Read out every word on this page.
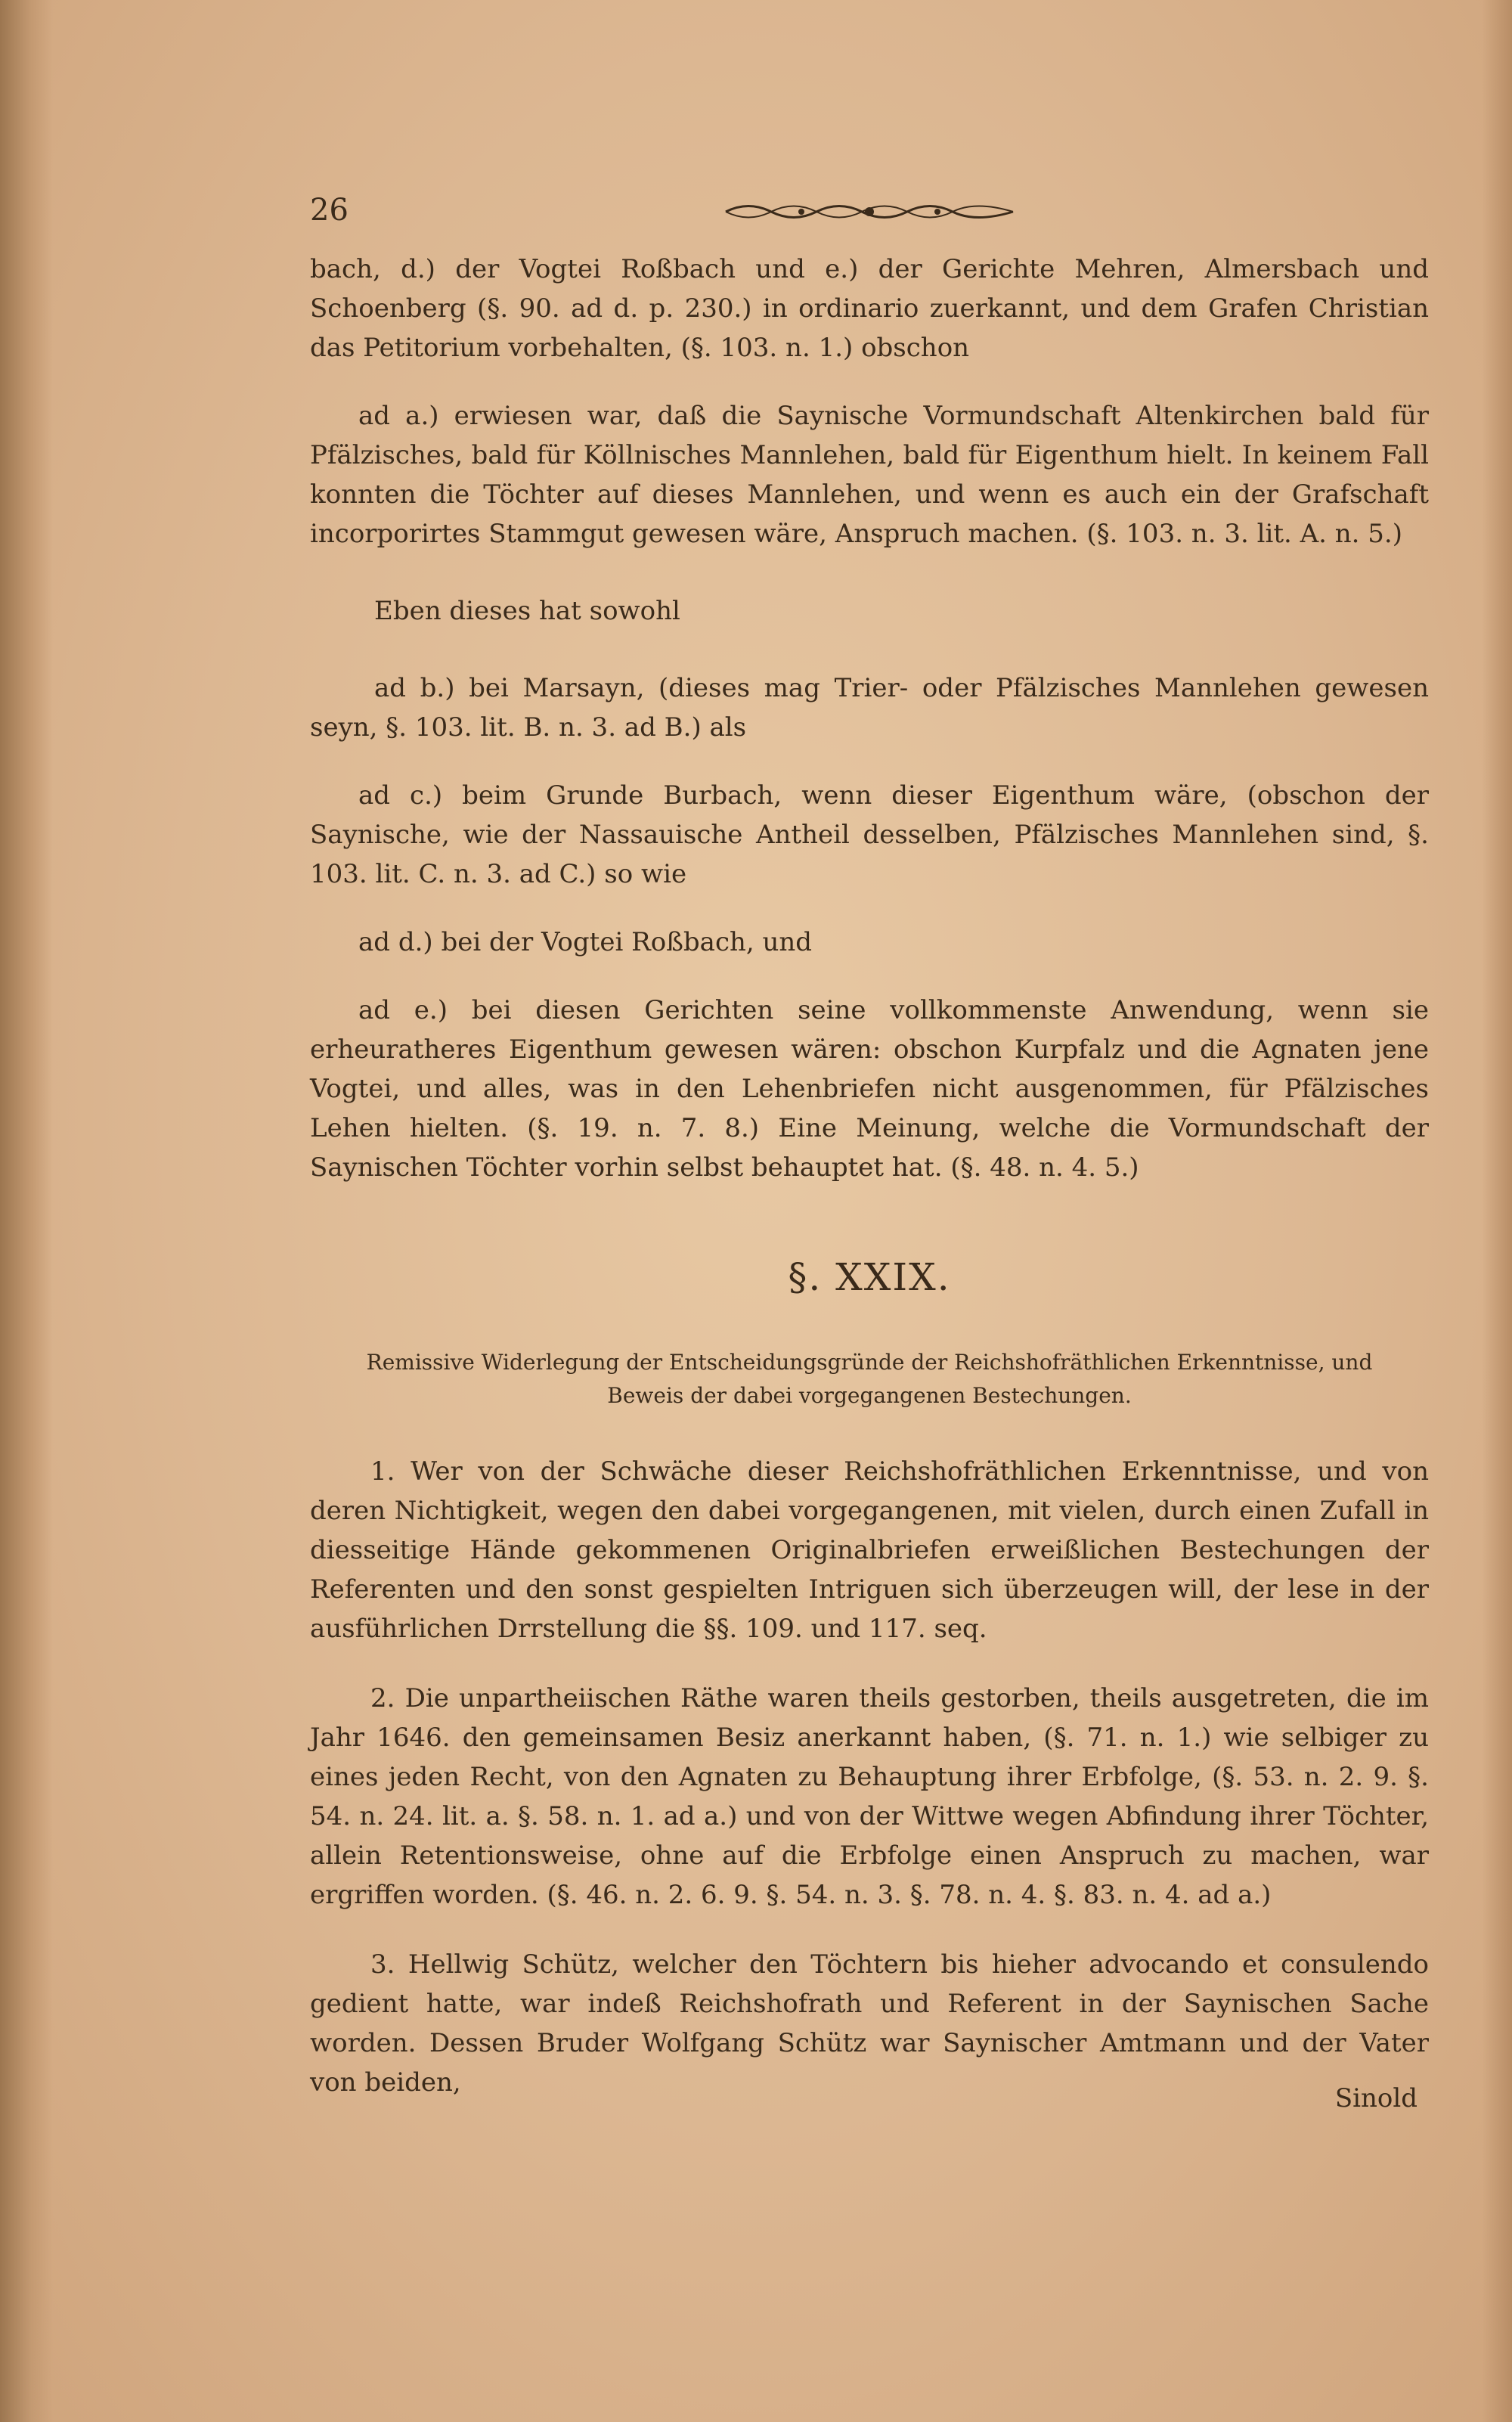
26

bach, d.) der Vogtei Roßbach und e.) der Gerichte Mehren, Almersbach und Schoenberg (§. 90. ad d. p. 230.) in ordinario zuerkannt, und dem Grafen Christian das Petitorium vorbehalten, (§. 103. n. 1.) obschon

ad a.) erwiesen war, daß die Saynische Vormundschaft Altenkirchen bald für Pfälzisches, bald für Köllnisches Mannlehen, bald für Eigenthum hielt. In keinem Fall konnten die Töchter auf dieses Mannlehen, und wenn es auch ein der Grafschaft incorporirtes Stammgut gewesen wäre, Anspruch machen. (§. 103. n. 3. lit. A. n. 5.)

Eben dieses hat sowohl

ad b.) bei Marsayn, (dieses mag Trier- oder Pfälzisches Mannlehen gewesen seyn, §. 103. lit. B. n. 3. ad B.) als

ad c.) beim Grunde Burbach, wenn dieser Eigenthum wäre, (obschon der Saynische, wie der Nassauische Antheil desselben, Pfälzisches Mannlehen sind, §. 103. lit. C. n. 3. ad C.) so wie

ad d.) bei der Vogtei Roßbach, und

ad e.) bei diesen Gerichten seine vollkommenste Anwendung, wenn sie erheuratheres Eigenthum gewesen wären: obschon Kurpfalz und die Agnaten jene Vogtei, und alles, was in den Lehenbriefen nicht ausgenommen, für Pfälzisches Lehen hielten. (§. 19. n. 7. 8.) Eine Meinung, welche die Vormundschaft der Saynischen Töchter vorhin selbst behauptet hat. (§. 48. n. 4. 5.)

§. XXIX.
Remissive Widerlegung der Entscheidungsgründe der Reichshofräthlichen Erkenntnisse, und Beweis der dabei vorgegangenen Bestechungen.

1. Wer von der Schwäche dieser Reichshofräthlichen Erkenntnisse, und von deren Nichtigkeit, wegen den dabei vorgegangenen, mit vielen, durch einen Zufall in diesseitige Hände gekommenen Originalbriefen erweißlichen Bestechungen der Referenten und den sonst gespielten Intriguen sich überzeugen will, der lese in der ausführlichen Drrstellung die §§. 109. und 117. seq.

2. Die unpartheiischen Räthe waren theils gestorben, theils ausgetreten, die im Jahr 1646. den gemeinsamen Besiz anerkannt haben, (§. 71. n. 1.) wie selbiger zu eines jeden Recht, von den Agnaten zu Behauptung ihrer Erbfolge, (§. 53. n. 2. 9. §. 54. n. 24. lit. a. §. 58. n. 1. ad a.) und von der Wittwe wegen Abfindung ihrer Töchter, allein Retentionsweise, ohne auf die Erbfolge einen Anspruch zu machen, war ergriffen worden. (§. 46. n. 2. 6. 9. §. 54. n. 3. §. 78. n. 4. §. 83. n. 4. ad a.)

3. Hellwig Schütz, welcher den Töchtern bis hieher advocando et consulendo gedient hatte, war indeß Reichshofrath und Referent in der Saynischen Sache worden. Dessen Bruder Wolfgang Schütz war Saynischer Amtmann und der Vater von beiden,

Sinold
